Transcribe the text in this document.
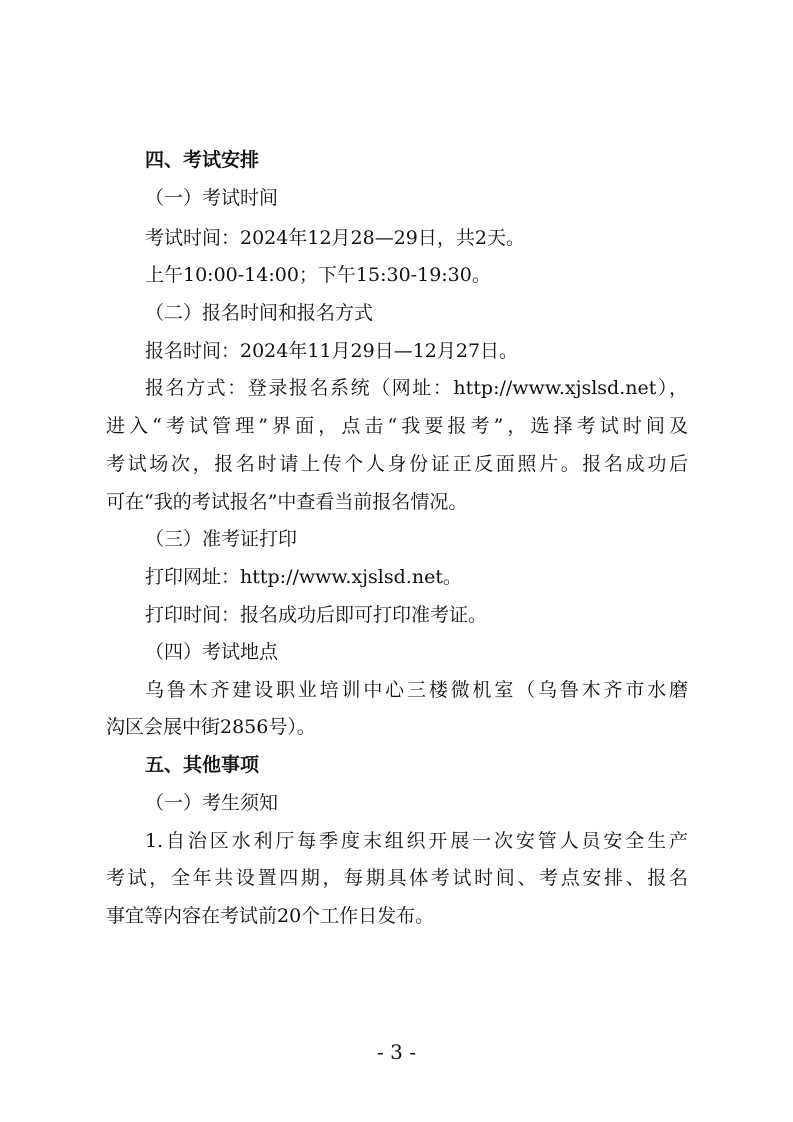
四、考试安排
（一）考试时间
考试时间：2024年12月28—29日，共2天。
上午10:00-14:00；下午15:30-19:30。
（二）报名时间和报名方式
报名时间：2024年11月29日—12月27日。
报名方式：登录报名系统（网址：http://www.xjslsd.net），
进入“考试管理”界面，点击“我要报考”，选择考试时间及
考试场次，报名时请上传个人身份证正反面照片。报名成功后
可在“我的考试报名”中查看当前报名情况。
（三）准考证打印
打印网址：http://www.xjslsd.net。
打印时间：报名成功后即可打印准考证。
（四）考试地点
乌鲁木齐建设职业培训中心三楼微机室（乌鲁木齐市水磨
沟区会展中街2856号）。
五、其他事项
（一）考生须知
1.自治区水利厅每季度末组织开展一次安管人员安全生产
考试，全年共设置四期，每期具体考试时间、考点安排、报名
事宜等内容在考试前20个工作日发布。
- 3 -
